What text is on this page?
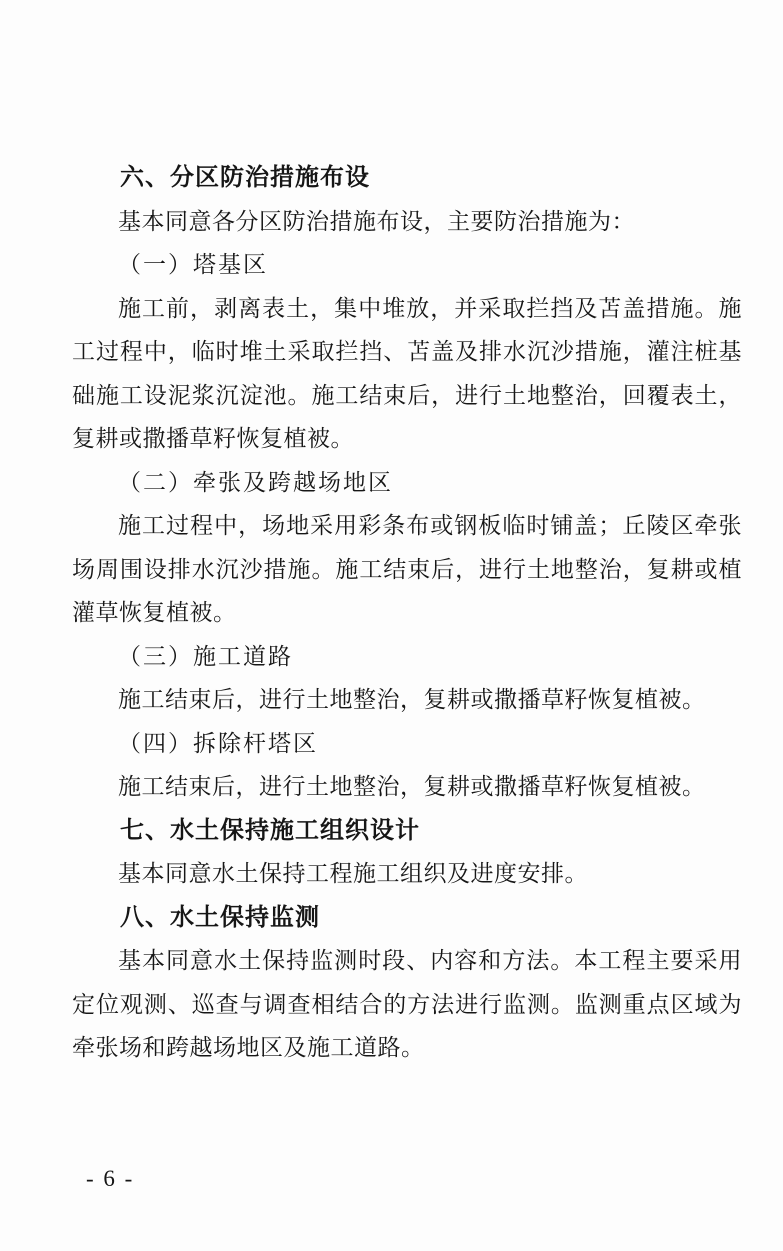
六、分区防治措施布设

基本同意各分区防治措施布设，主要防治措施为：

（一）塔基区

施工前，剥离表土，集中堆放，并采取拦挡及苫盖措施。施工过程中，临时堆土采取拦挡、苫盖及排水沉沙措施，灌注桩基础施工设泥浆沉淀池。施工结束后，进行土地整治，回覆表土，复耕或撒播草籽恢复植被。

（二）牵张及跨越场地区

施工过程中，场地采用彩条布或钢板临时铺盖；丘陵区牵张场周围设排水沉沙措施。施工结束后，进行土地整治，复耕或植灌草恢复植被。

（三）施工道路

施工结束后，进行土地整治，复耕或撒播草籽恢复植被。

（四）拆除杆塔区

施工结束后，进行土地整治，复耕或撒播草籽恢复植被。

七、水土保持施工组织设计

基本同意水土保持工程施工组织及进度安排。

八、水土保持监测

基本同意水土保持监测时段、内容和方法。本工程主要采用定位观测、巡查与调查相结合的方法进行监测。监测重点区域为牵张场和跨越场地区及施工道路。

- 6 -
